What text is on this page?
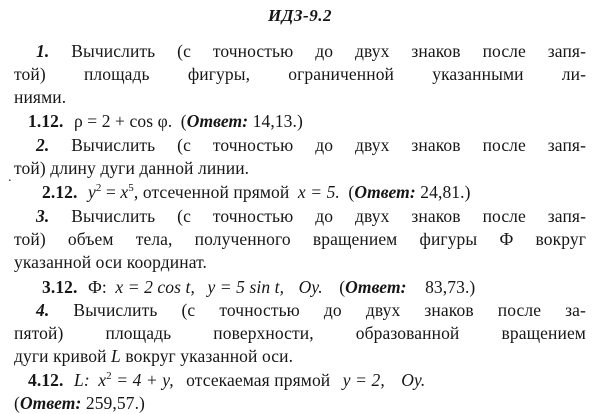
ИДЗ-9.2
1. Вычислить (с точностью до двух знаков после запя-
той) площадь фигуры, ограниченной указанными ли-
ниями.
1.12. ρ = 2 + cos φ. (Ответ: 14,13.)
2. Вычислить (с точностью до двух знаков после запя-
той) длину дуги данной линии.
.
2.12. $y^2 = x^5$, отсеченной прямой x = 5. (Ответ: 24,81.)
3. Вычислить (с точностью до двух знаков после запя-
той) объем тела, полученного вращением фигуры Ф вокруг
указанной оси координат.
3.12. Ф: x = 2 cos t, y = 5 sin t, Oy. (Ответ: 83,73.)
4. Вычислить (с точностью до двух знаков после за-
пятой) площадь поверхности, образованной вращением
дуги кривой L вокруг указанной оси.
4.12. L: $x^2 = 4 + y$, отсекаемая прямой y = 2, Oy.
(Ответ: 259,57.)
